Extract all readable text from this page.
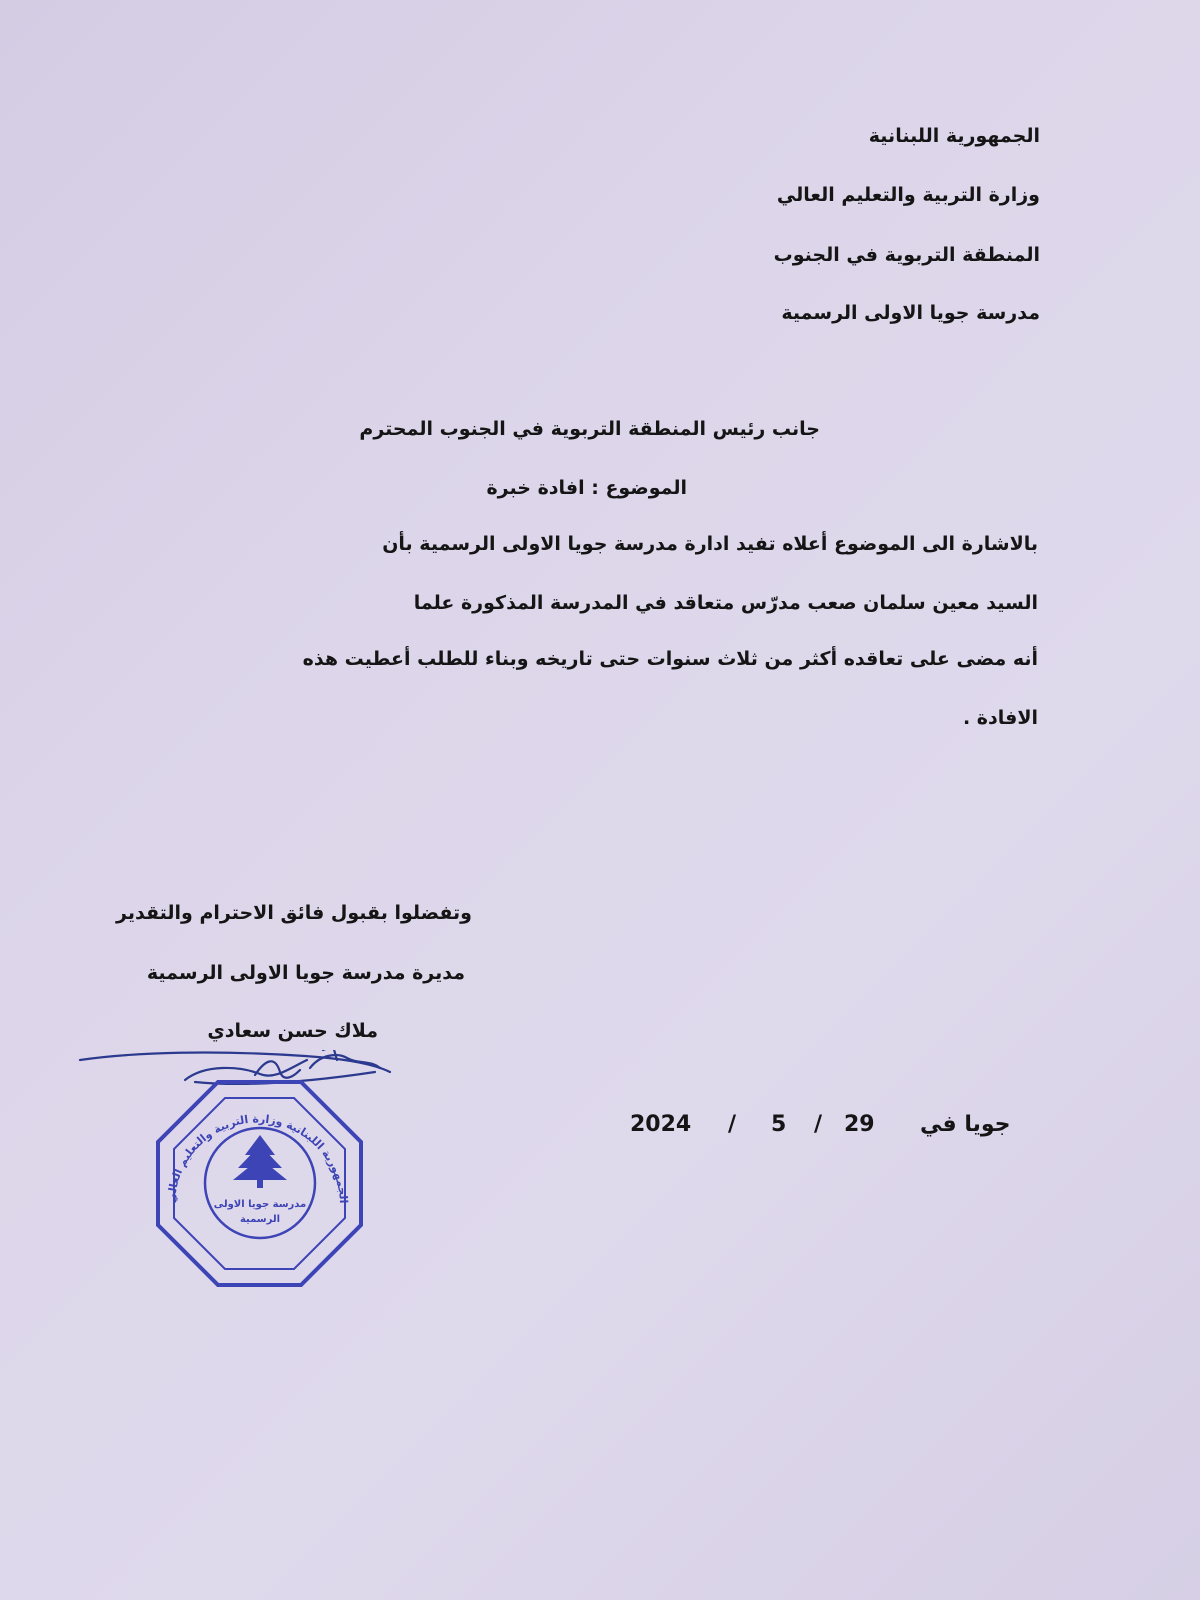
الجمهورية اللبنانية
وزارة التربية والتعليم العالي
المنطقة التربوية في الجنوب
مدرسة جويا الاولى الرسمية
جانب رئيس المنطقة التربوية في الجنوب المحترم
الموضوع : افادة خبرة
بالاشارة الى الموضوع أعلاه تفيد ادارة مدرسة جويا الاولى الرسمية بأن
السيد معين سلمان صعب مدرّس متعاقد في المدرسة المذكورة علما
أنه مضى على تعاقده أكثر من ثلاث سنوات حتى تاريخه وبناء للطلب أعطيت هذه
الافادة .
وتفضلوا بقبول فائق الاحترام والتقدير
مديرة مدرسة جويا الاولى الرسمية
ملاك حسن سعادي
2024 / 5 / 29 جويا في
مدرسة جويا الاولى
الرسمية
الجمهورية اللبنانية وزارة التربية والتعليم العالي
